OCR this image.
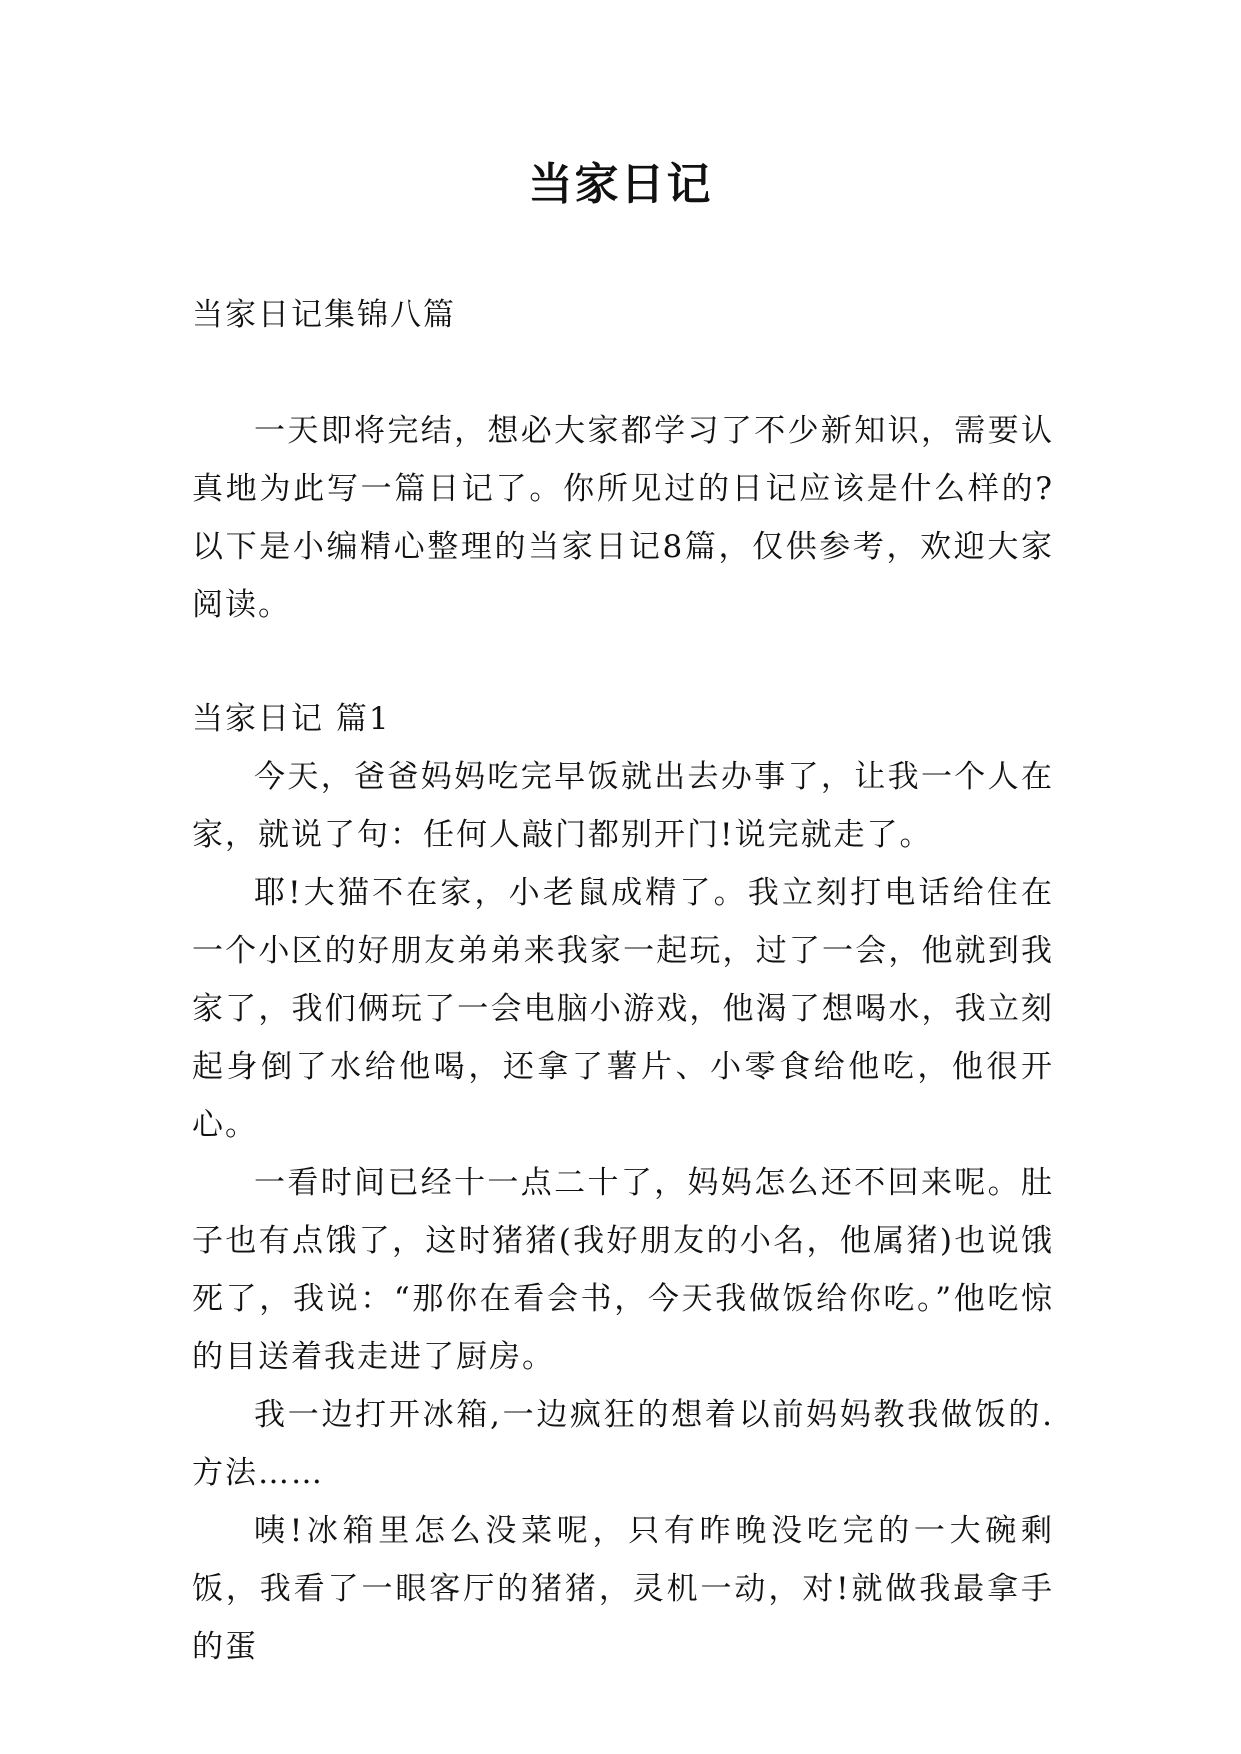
当家日记

当家日记集锦八篇

一天即将完结，想必大家都学习了不少新知识，需要认真地为此写一篇日记了。你所见过的日记应该是什么样的?以下是小编精心整理的当家日记8篇，仅供参考，欢迎大家阅读。

当家日记 篇1

今天，爸爸妈妈吃完早饭就出去办事了，让我一个人在家，就说了句：任何人敲门都别开门!说完就走了。

耶!大猫不在家，小老鼠成精了。我立刻打电话给住在一个小区的好朋友弟弟来我家一起玩，过了一会，他就到我家了，我们俩玩了一会电脑小游戏，他渴了想喝水，我立刻起身倒了水给他喝，还拿了薯片、小零食给他吃，他很开心。

一看时间已经十一点二十了，妈妈怎么还不回来呢。肚子也有点饿了，这时猪猪(我好朋友的小名，他属猪)也说饿死了，我说：“那你在看会书，今天我做饭给你吃。”他吃惊的目送着我走进了厨房。

我一边打开冰箱,一边疯狂的想着以前妈妈教我做饭的.方法……

咦!冰箱里怎么没菜呢，只有昨晚没吃完的一大碗剩饭，我看了一眼客厅的猪猪，灵机一动，对!就做我最拿手的蛋
